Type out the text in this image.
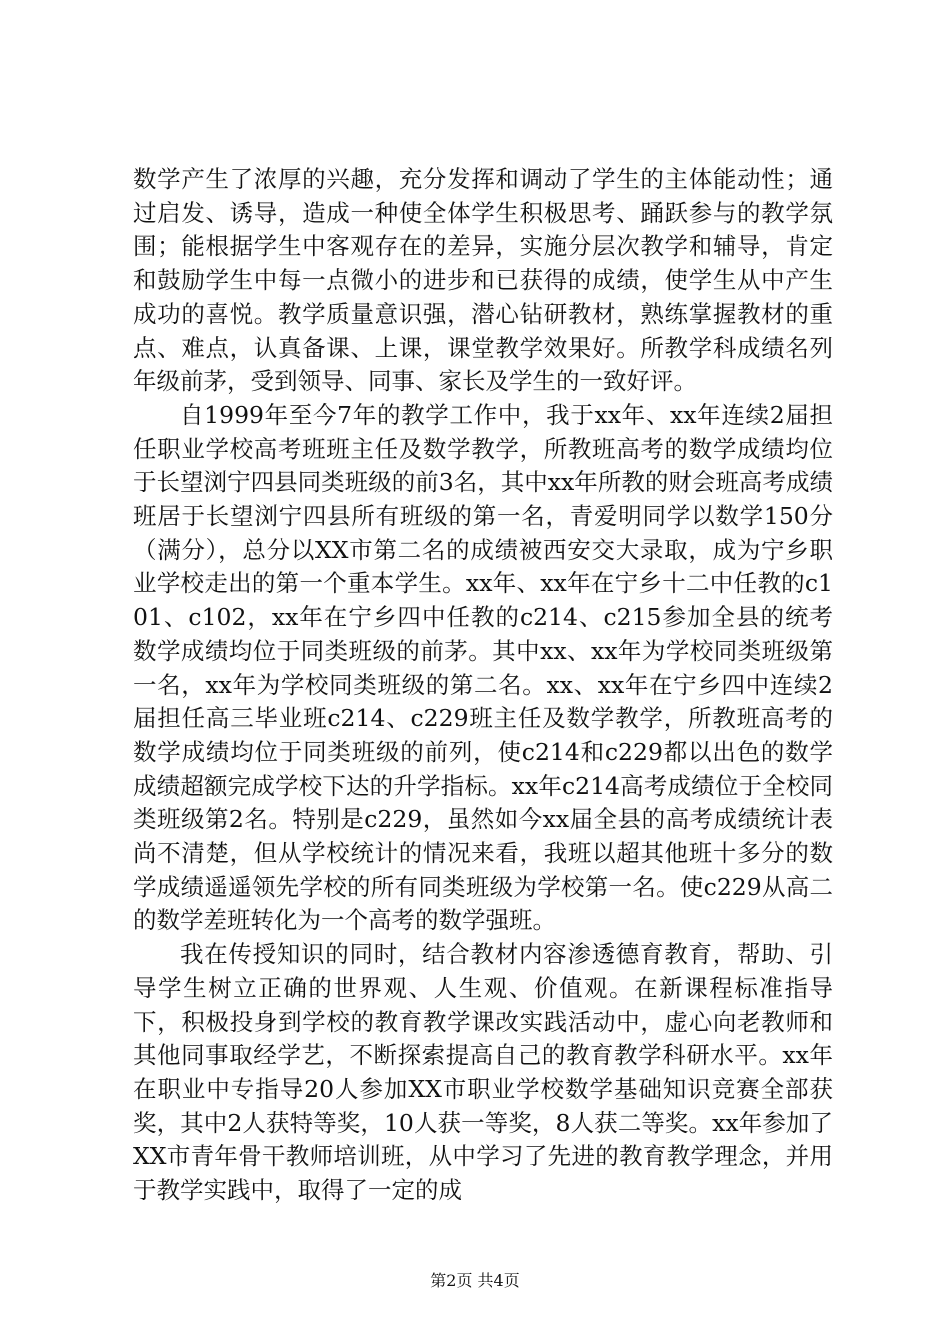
数学产生了浓厚的兴趣，充分发挥和调动了学生的主体能动性；通过启发、诱导，造成一种使全体学生积极思考、踊跃参与的教学氛围；能根据学生中客观存在的差异，实施分层次教学和辅导，肯定和鼓励学生中每一点微小的进步和已获得的成绩，使学生从中产生成功的喜悦。教学质量意识强，潜心钻研教材，熟练掌握教材的重点、难点，认真备课、上课，课堂教学效果好。所教学科成绩名列年级前茅，受到领导、同事、家长及学生的一致好评。

自1999年至今7年的教学工作中，我于xx年、xx年连续2届担任职业学校高考班班主任及数学教学，所教班高考的数学成绩均位于长望浏宁四县同类班级的前3名，其中xx年所教的财会班高考成绩班居于长望浏宁四县所有班级的第一名，青爱明同学以数学150分（满分），总分以XX市第二名的成绩被西安交大录取，成为宁乡职业学校走出的第一个重本学生。xx年、xx年在宁乡十二中任教的c101、c102，xx年在宁乡四中任教的c214、c215参加全县的统考数学成绩均位于同类班级的前茅。其中xx、xx年为学校同类班级第一名，xx年为学校同类班级的第二名。xx、xx年在宁乡四中连续2届担任高三毕业班c214、c229班主任及数学教学，所教班高考的数学成绩均位于同类班级的前列，使c214和c229都以出色的数学成绩超额完成学校下达的升学指标。xx年c214高考成绩位于全校同类班级第2名。特别是c229，虽然如今xx届全县的高考成绩统计表尚不清楚，但从学校统计的情况来看，我班以超其他班十多分的数学成绩遥遥领先学校的所有同类班级为学校第一名。使c229从高二的数学差班转化为一个高考的数学强班。

我在传授知识的同时，结合教材内容渗透德育教育，帮助、引导学生树立正确的世界观、人生观、价值观。在新课程标准指导下，积极投身到学校的教育教学课改实践活动中，虚心向老教师和其他同事取经学艺，不断探索提高自己的教育教学科研水平。xx年在职业中专指导20人参加XX市职业学校数学基础知识竞赛全部获奖，其中2人获特等奖，10人获一等奖，8人获二等奖。xx年参加了XX市青年骨干教师培训班，从中学习了先进的教育教学理念，并用于教学实践中，取得了一定的成

第2页 共4页
